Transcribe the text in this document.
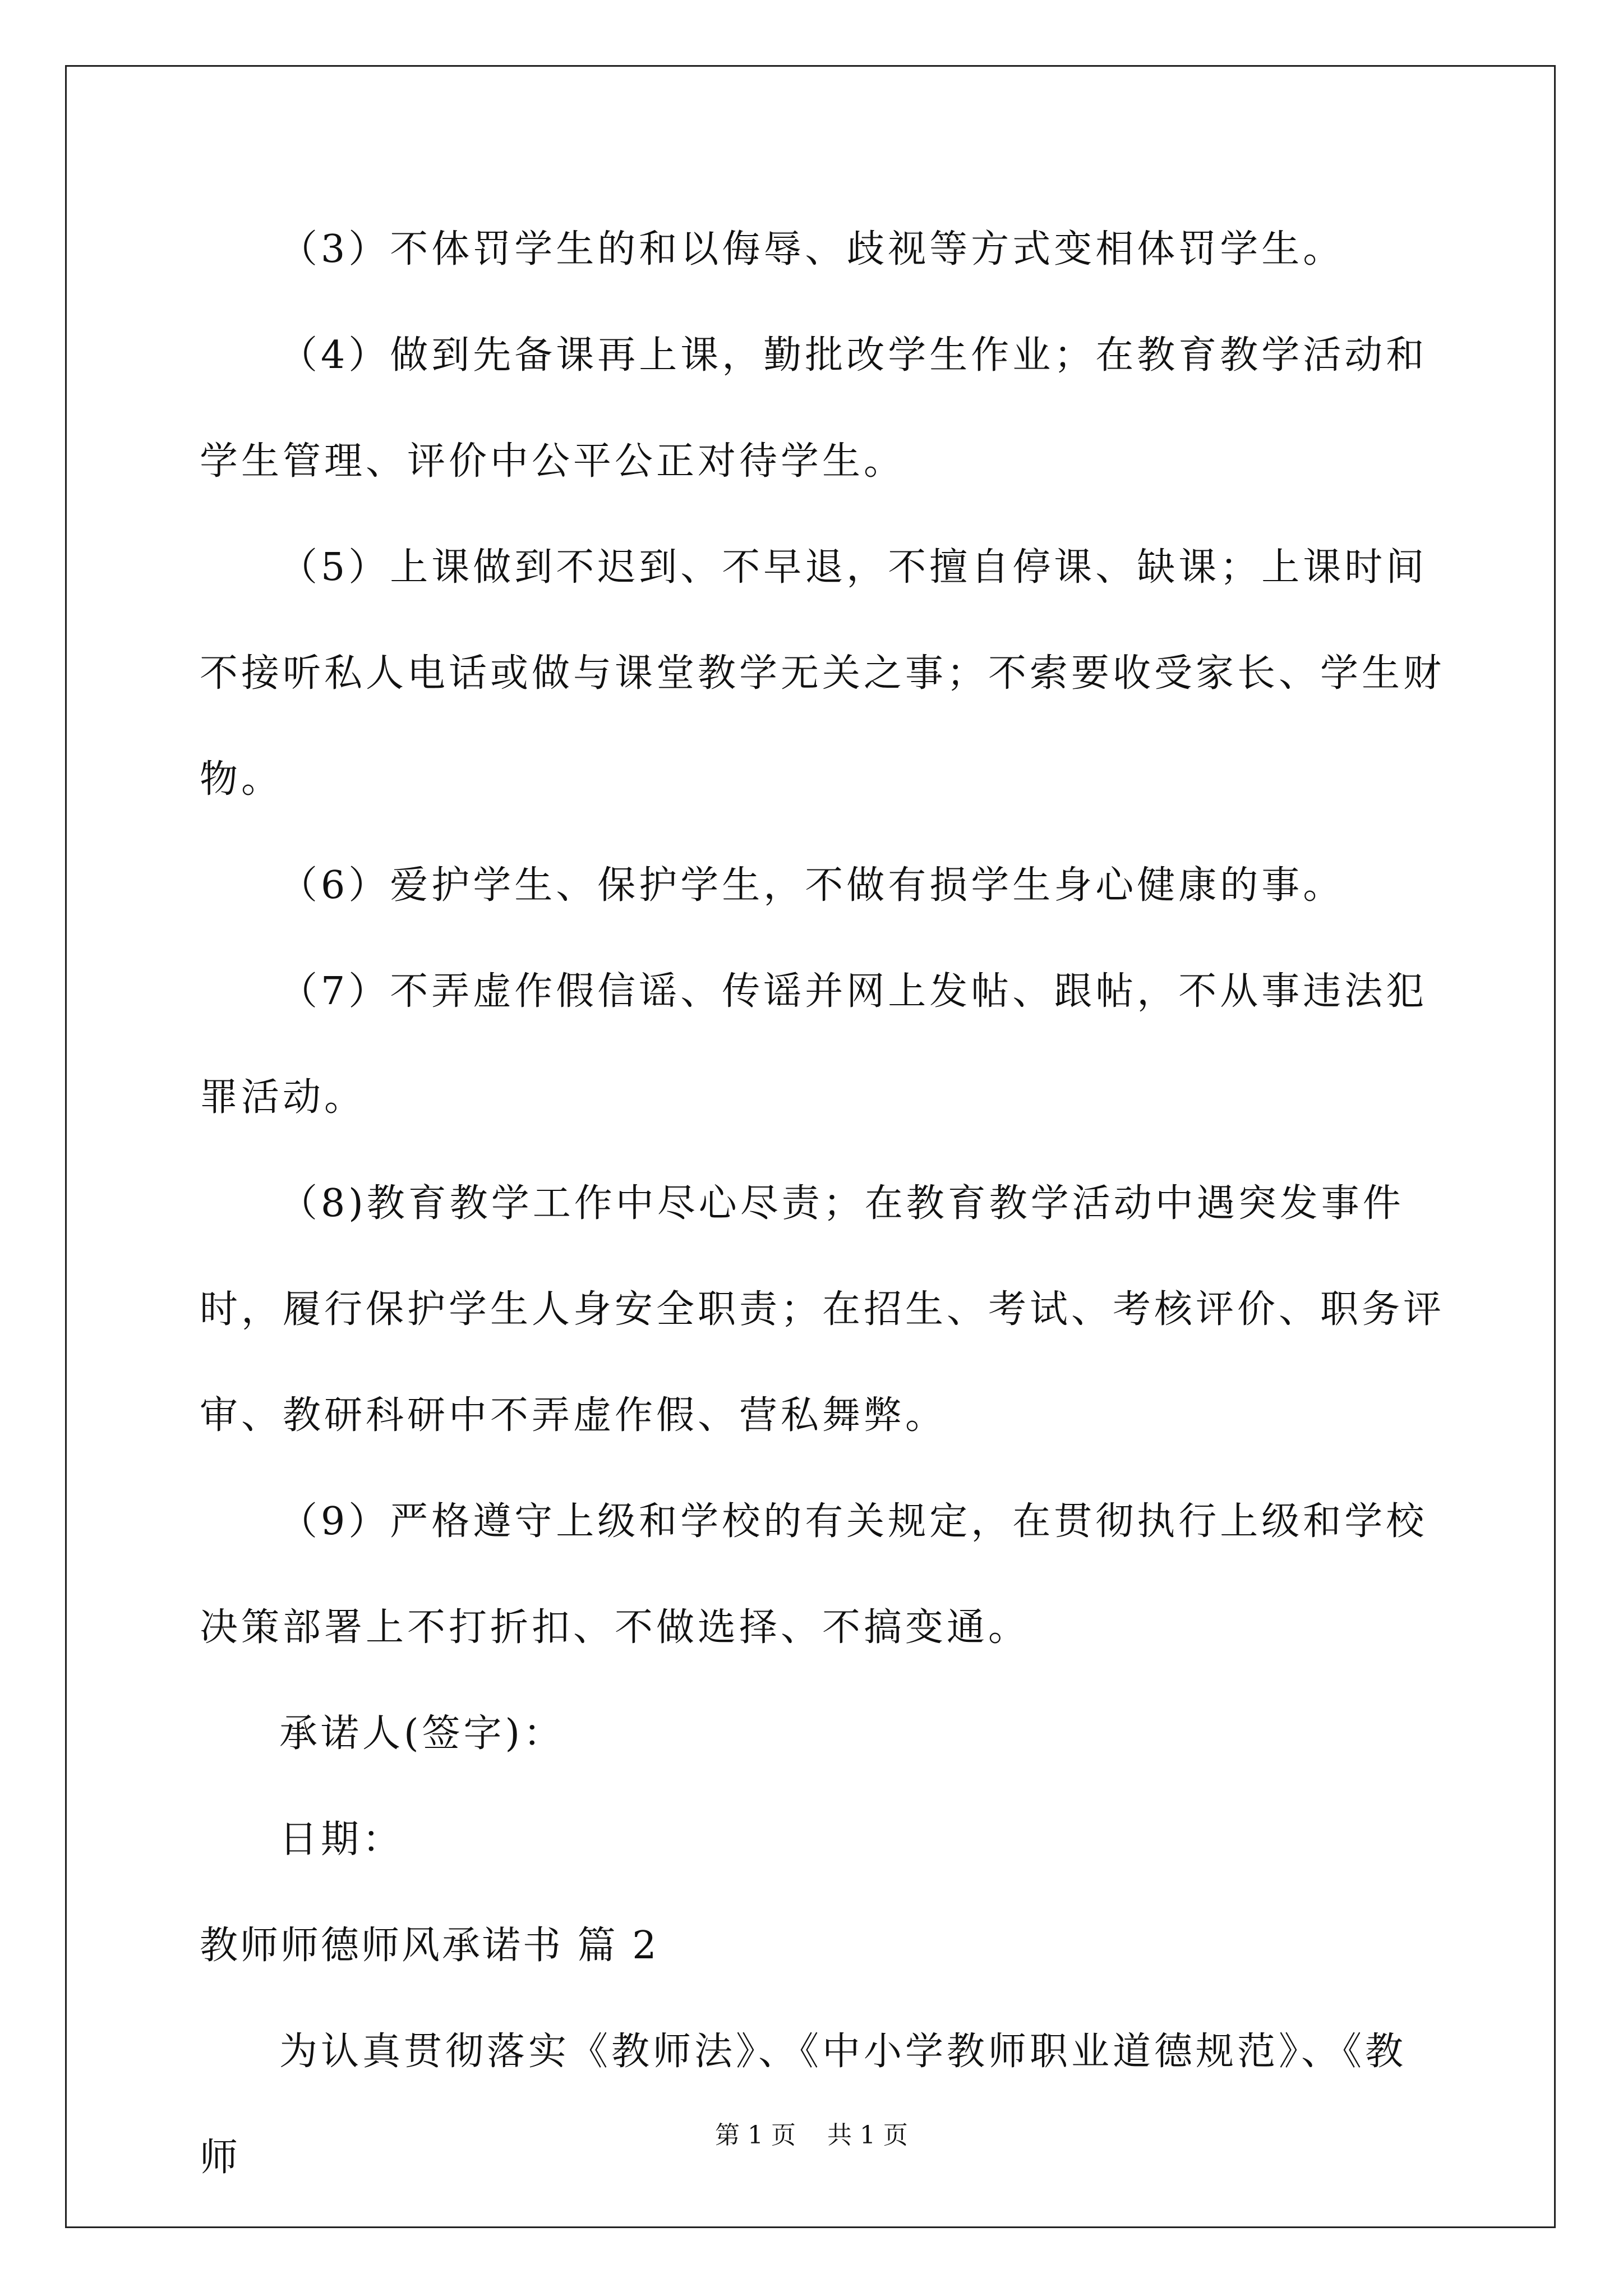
（3）不体罚学生的和以侮辱、歧视等方式变相体罚学生。

（4）做到先备课再上课，勤批改学生作业；在教育教学活动和学生管理、评价中公平公正对待学生。

（5）上课做到不迟到、不早退，不擅自停课、缺课；上课时间不接听私人电话或做与课堂教学无关之事；不索要收受家长、学生财物。

（6）爱护学生、保护学生，不做有损学生身心健康的事。

（7）不弄虚作假信谣、传谣并网上发帖、跟帖，不从事违法犯罪活动。

（8)教育教学工作中尽心尽责；在教育教学活动中遇突发事件时，履行保护学生人身安全职责；在招生、考试、考核评价、职务评审、教研科研中不弄虚作假、营私舞弊。

（9）严格遵守上级和学校的有关规定，在贯彻执行上级和学校决策部署上不打折扣、不做选择、不搞变通。

承诺人(签字)：

日期：

教师师德师风承诺书 篇 2

为认真贯彻落实《教师法》、《中小学教师职业道德规范》、《教师

第 1 页    共 1 页
